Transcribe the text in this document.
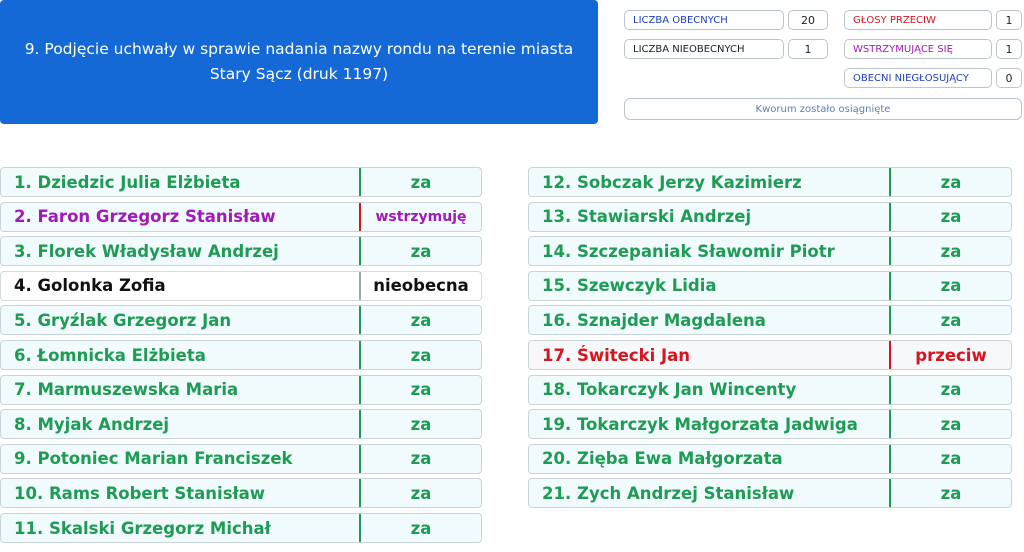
9. Podjęcie uchwały w sprawie nadania nazwy rondu na terenie miasta
Stary Sącz (druk 1197)
LICZBA OBECNYCH	20
LICZBA NIEOBECNYCH	1
GŁOSY PRZECIW	1
WSTRZYMUJĄCE SIĘ	1
OBECNI NIEGŁOSUJĄCY	0
Kworum zostało osiągnięte
1. Dziedzic Julia Elżbieta	za
2. Faron Grzegorz Stanisław	wstrzymuję
3. Florek Władysław Andrzej	za
4. Golonka Zofia	nieobecna
5. Gryźlak Grzegorz Jan	za
6. Łomnicka Elżbieta	za
7. Marmuszewska Maria	za
8. Myjak Andrzej	za
9. Potoniec Marian Franciszek	za
10. Rams Robert Stanisław	za
11. Skalski Grzegorz Michał	za
12. Sobczak Jerzy Kazimierz	za
13. Stawiarski Andrzej	za
14. Szczepaniak Sławomir Piotr	za
15. Szewczyk Lidia	za
16. Sznajder Magdalena	za
17. Świtecki Jan	przeciw
18. Tokarczyk Jan Wincenty	za
19. Tokarczyk Małgorzata Jadwiga	za
20. Zięba Ewa Małgorzata	za
21. Zych Andrzej Stanisław	za
